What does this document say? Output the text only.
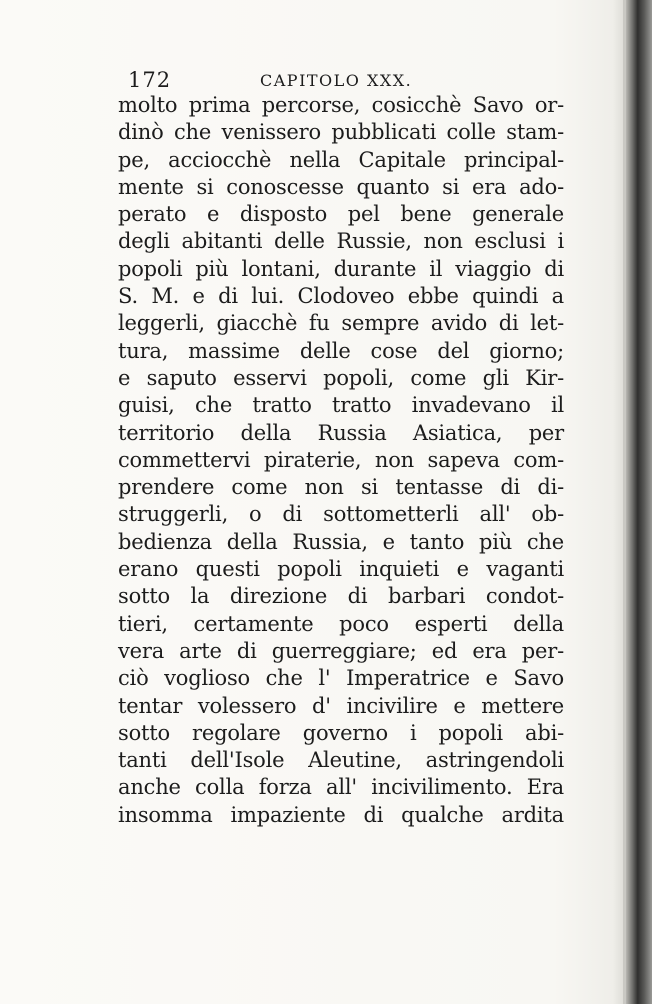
172	CAPITOLO XXX.
molto prima percorse, cosicchè Savo or-
dinò che venissero pubblicati colle stam-
pe, acciocchè nella Capitale principal-
mente si conoscesse quanto si era ado-
perato e disposto pel bene generale
degli abitanti delle Russie, non esclusi i
popoli più lontani, durante il viaggio di
S. M. e di lui. Clodoveo ebbe quindi a
leggerli, giacchè fu sempre avido di let-
tura, massime delle cose del giorno;
e saputo esservi popoli, come gli Kir-
guisi, che tratto tratto invadevano il
territorio della Russia Asiatica, per
commettervi piraterie, non sapeva com-
prendere come non si tentasse di di-
struggerli, o di sottometterli all' ob-
bedienza della Russia, e tanto più che
erano questi popoli inquieti e vaganti
sotto la direzione di barbari condot-
tieri, certamente poco esperti della
vera arte di guerreggiare; ed era per-
ciò voglioso che l' Imperatrice e Savo
tentar volessero d' incivilire e mettere
sotto regolare governo i popoli abi-
tanti dell'Isole Aleutine, astringendoli
anche colla forza all' incivilimento. Era
insomma impaziente di qualche ardita
